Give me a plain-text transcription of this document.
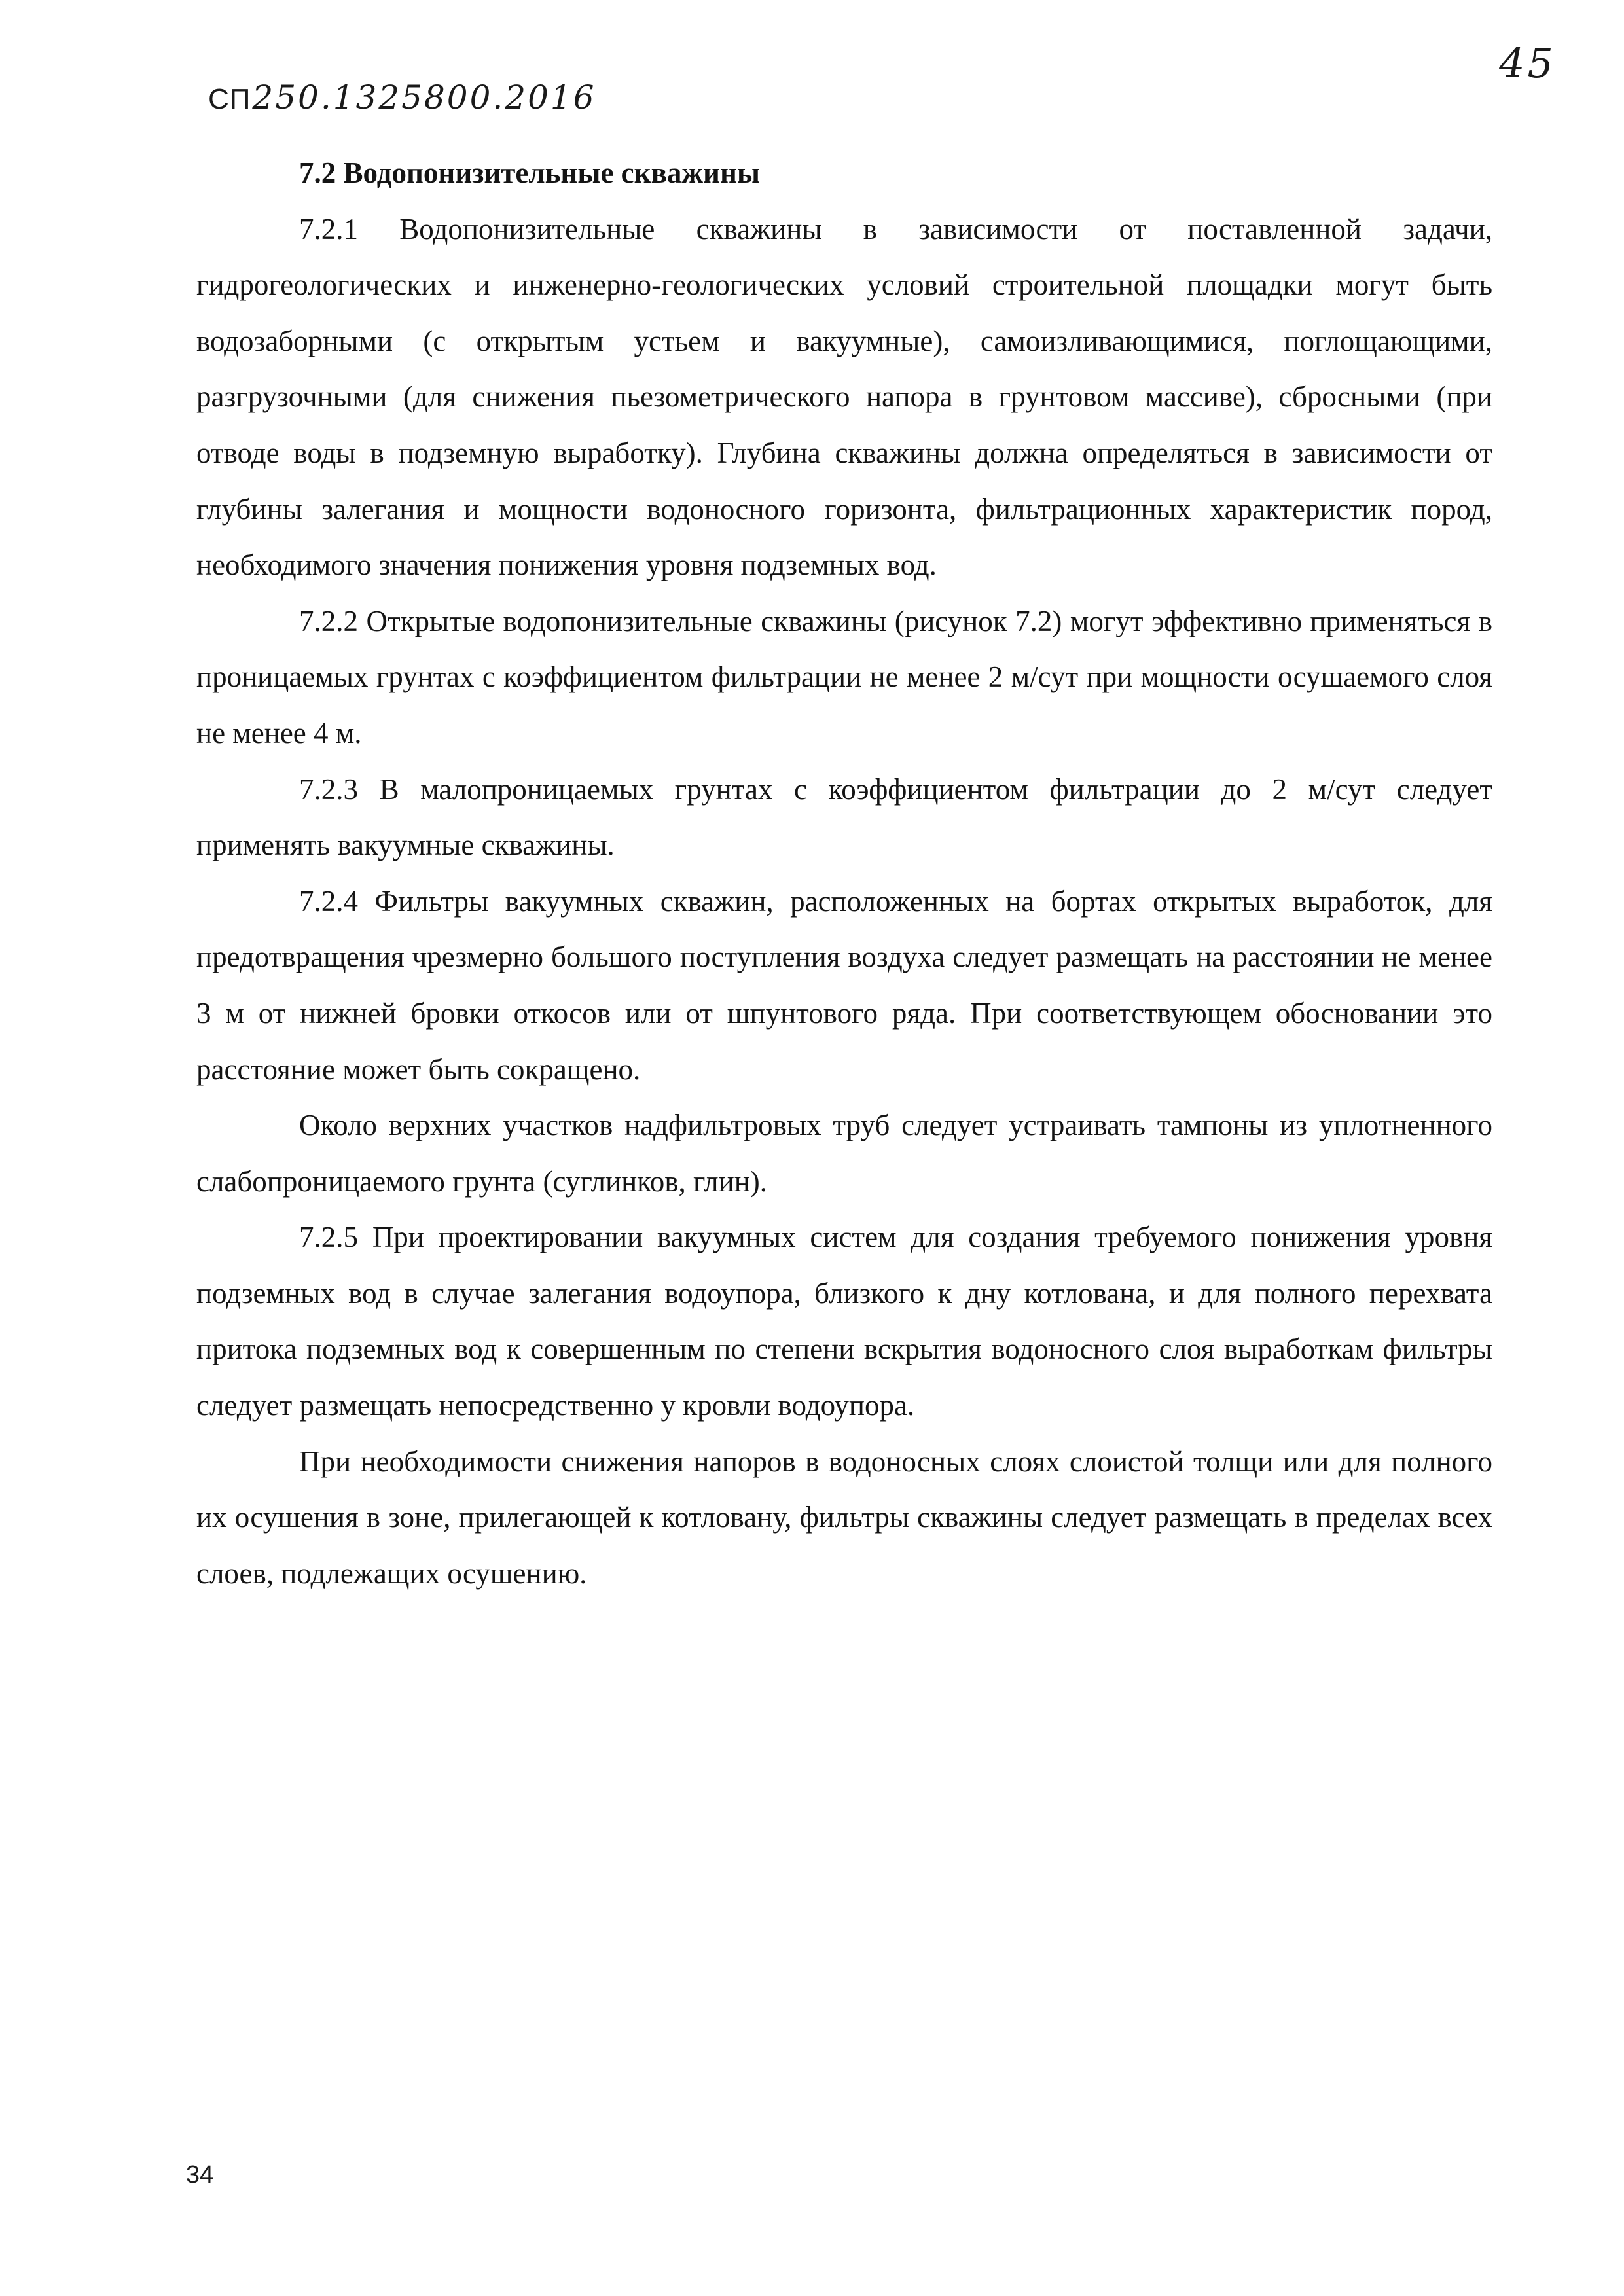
СП250.1325800.2016
45

7.2 Водопонизительные скважины

7.2.1 Водопонизительные скважины в зависимости от поставленной задачи, гидрогеологических и инженерно-геологических условий строительной площадки могут быть водозаборными (с открытым устьем и вакуумные), самоизливающимися, поглощающими, разгрузочными (для снижения пьезометрического напора в грунтовом массиве), сбросными (при отводе воды в подземную выработку). Глубина скважины должна определяться в зависимости от глубины залегания и мощности водоносного горизонта, фильтрационных характеристик пород, необходимого значения понижения уровня подземных вод.

7.2.2 Открытые водопонизительные скважины (рисунок 7.2) могут эффективно применяться в проницаемых грунтах с коэффициентом фильтрации не менее 2 м/сут при мощности осушаемого слоя не менее 4 м.

7.2.3 В малопроницаемых грунтах с коэффициентом фильтрации до 2 м/сут следует применять вакуумные скважины.

7.2.4 Фильтры вакуумных скважин, расположенных на бортах открытых выработок, для предотвращения чрезмерно большого поступления воздуха следует размещать на расстоянии не менее 3 м от нижней бровки откосов или от шпунтового ряда. При соответствующем обосновании это расстояние может быть сокращено.

Около верхних участков надфильтровых труб следует устраивать тампоны из уплотненного слабопроницаемого грунта (суглинков, глин).

7.2.5 При проектировании вакуумных систем для создания требуемого понижения уровня подземных вод в случае залегания водоупора, близкого к дну котлована, и для полного перехвата притока подземных вод к совершенным по степени вскрытия водоносного слоя выработкам фильтры следует размещать непосредственно у кровли водоупора.

При необходимости снижения напоров в водоносных слоях слоистой толщи или для полного их осушения в зоне, прилегающей к котловану, фильтры скважины следует размещать в пределах всех слоев, подлежащих осушению.

34
